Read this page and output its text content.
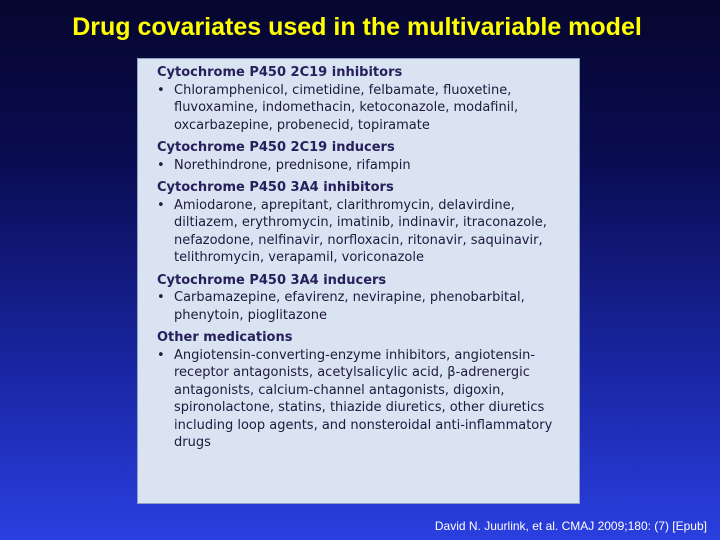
Drug covariates used in the multivariable model
Cytochrome P450 2C19 inhibitors
• Chloramphenicol, cimetidine, felbamate, fluoxetine, fluvoxamine, indomethacin, ketoconazole, modafinil, oxcarbazepine, probenecid, topiramate
Cytochrome P450 2C19 inducers
• Norethindrone, prednisone, rifampin
Cytochrome P450 3A4 inhibitors
• Amiodarone, aprepitant, clarithromycin, delavirdine, diltiazem, erythromycin, imatinib, indinavir, itraconazole, nefazodone, nelfinavir, norfloxacin, ritonavir, saquinavir, telithromycin, verapamil, voriconazole
Cytochrome P450 3A4 inducers
• Carbamazepine, efavirenz, nevirapine, phenobarbital, phenytoin, pioglitazone
Other medications
• Angiotensin-converting-enzyme inhibitors, angiotensin-receptor antagonists, acetylsalicylic acid, β-adrenergic antagonists, calcium-channel antagonists, digoxin, spironolactone, statins, thiazide diuretics, other diuretics including loop agents, and nonsteroidal anti-inflammatory drugs
David N. Juurlink, et al. CMAJ 2009;180: (7) [Epub]
